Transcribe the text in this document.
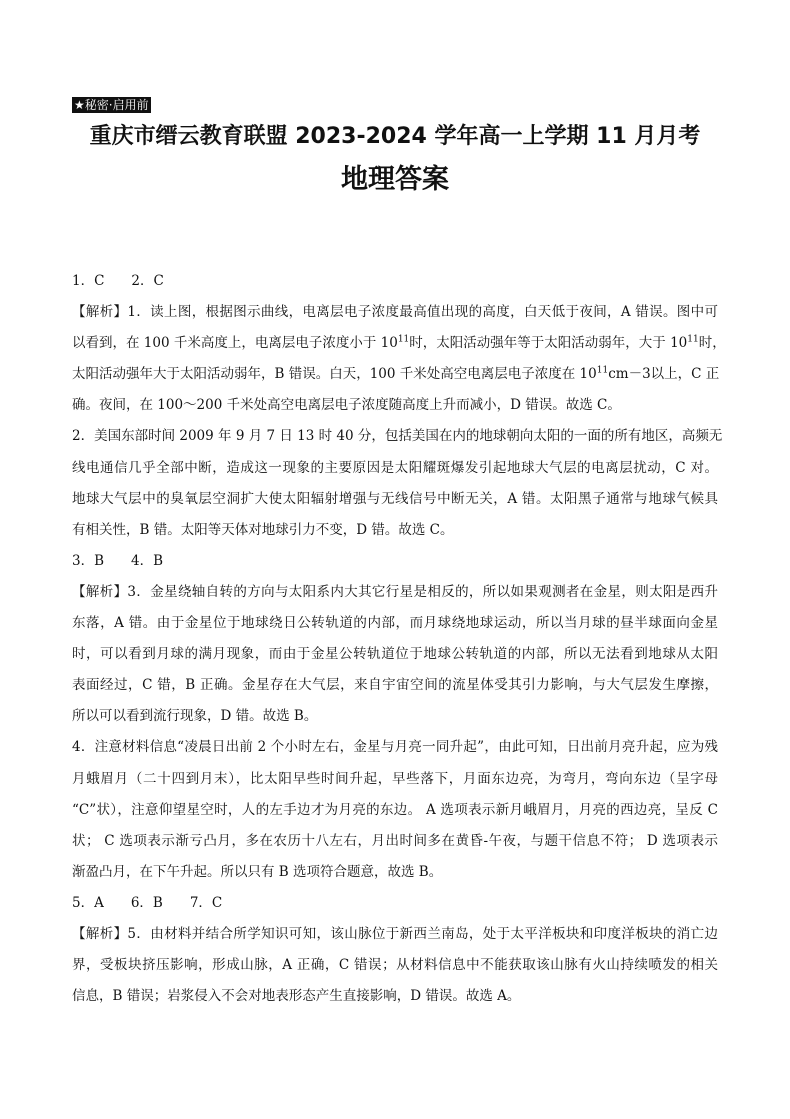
★秘密·启用前
重庆市缙云教育联盟 2023-2024 学年高一上学期 11 月月考
地理答案
1．C　　2．C
【解析】1．读上图，根据图示曲线，电离层电子浓度最高值出现的高度，白天低于夜间，A 错误。图中可
以看到，在 100 千米高度上，电离层电子浓度小于 $10^{11}$时，太阳活动强年等于太阳活动弱年，大于 $10^{11}$时，
太阳活动强年大于太阳活动弱年，B 错误。白天，100 千米处高空电离层电子浓度在 $10^{11}cm-3$以上，C 正
确。夜间，在 100～200 千米处高空电离层电子浓度随高度上升而减小，D 错误。故选 C。
2．美国东部时间 2009 年 9 月 7 日 13 时 40 分，包括美国在内的地球朝向太阳的一面的所有地区，高频无
线电通信几乎全部中断，造成这一现象的主要原因是太阳耀斑爆发引起地球大气层的电离层扰动，C 对。
地球大气层中的臭氧层空洞扩大使太阳辐射增强与无线信号中断无关，A 错。太阳黑子通常与地球气候具
有相关性，B 错。太阳等天体对地球引力不变，D 错。故选 C。
3．B　　4．B
【解析】3．金星绕轴自转的方向与太阳系内大其它行星是相反的，所以如果观测者在金星，则太阳是西升
东落，A 错。由于金星位于地球绕日公转轨道的内部，而月球绕地球运动，所以当月球的昼半球面向金星
时，可以看到月球的满月现象，而由于金星公转轨道位于地球公转轨道的内部，所以无法看到地球从太阳
表面经过，C 错，B 正确。金星存在大气层，来自宇宙空间的流星体受其引力影响，与大气层发生摩擦，
所以可以看到流行现象，D 错。故选 B。
4．注意材料信息“凌晨日出前 2 个小时左右，金星与月亮一同升起”，由此可知，日出前月亮升起，应为残
月蛾眉月（二十四到月末），比太阳早些时间升起，早些落下，月面东边亮，为弯月，弯向东边（呈字母
“C”状），注意仰望星空时，人的左手边才为月亮的东边。 A 选项表示新月峨眉月，月亮的西边亮，呈反 C
状； C 选项表示渐亏凸月，多在农历十八左右，月出时间多在黄昏-午夜，与题干信息不符； D 选项表示
渐盈凸月，在下午升起。所以只有 B 选项符合题意，故选 B。
5．A　　6．B　　7．C
【解析】5．由材料并结合所学知识可知，该山脉位于新西兰南岛，处于太平洋板块和印度洋板块的消亡边
界，受板块挤压影响，形成山脉，A 正确，C 错误；从材料信息中不能获取该山脉有火山持续喷发的相关
信息，B 错误；岩浆侵入不会对地表形态产生直接影响，D 错误。故选 A。
